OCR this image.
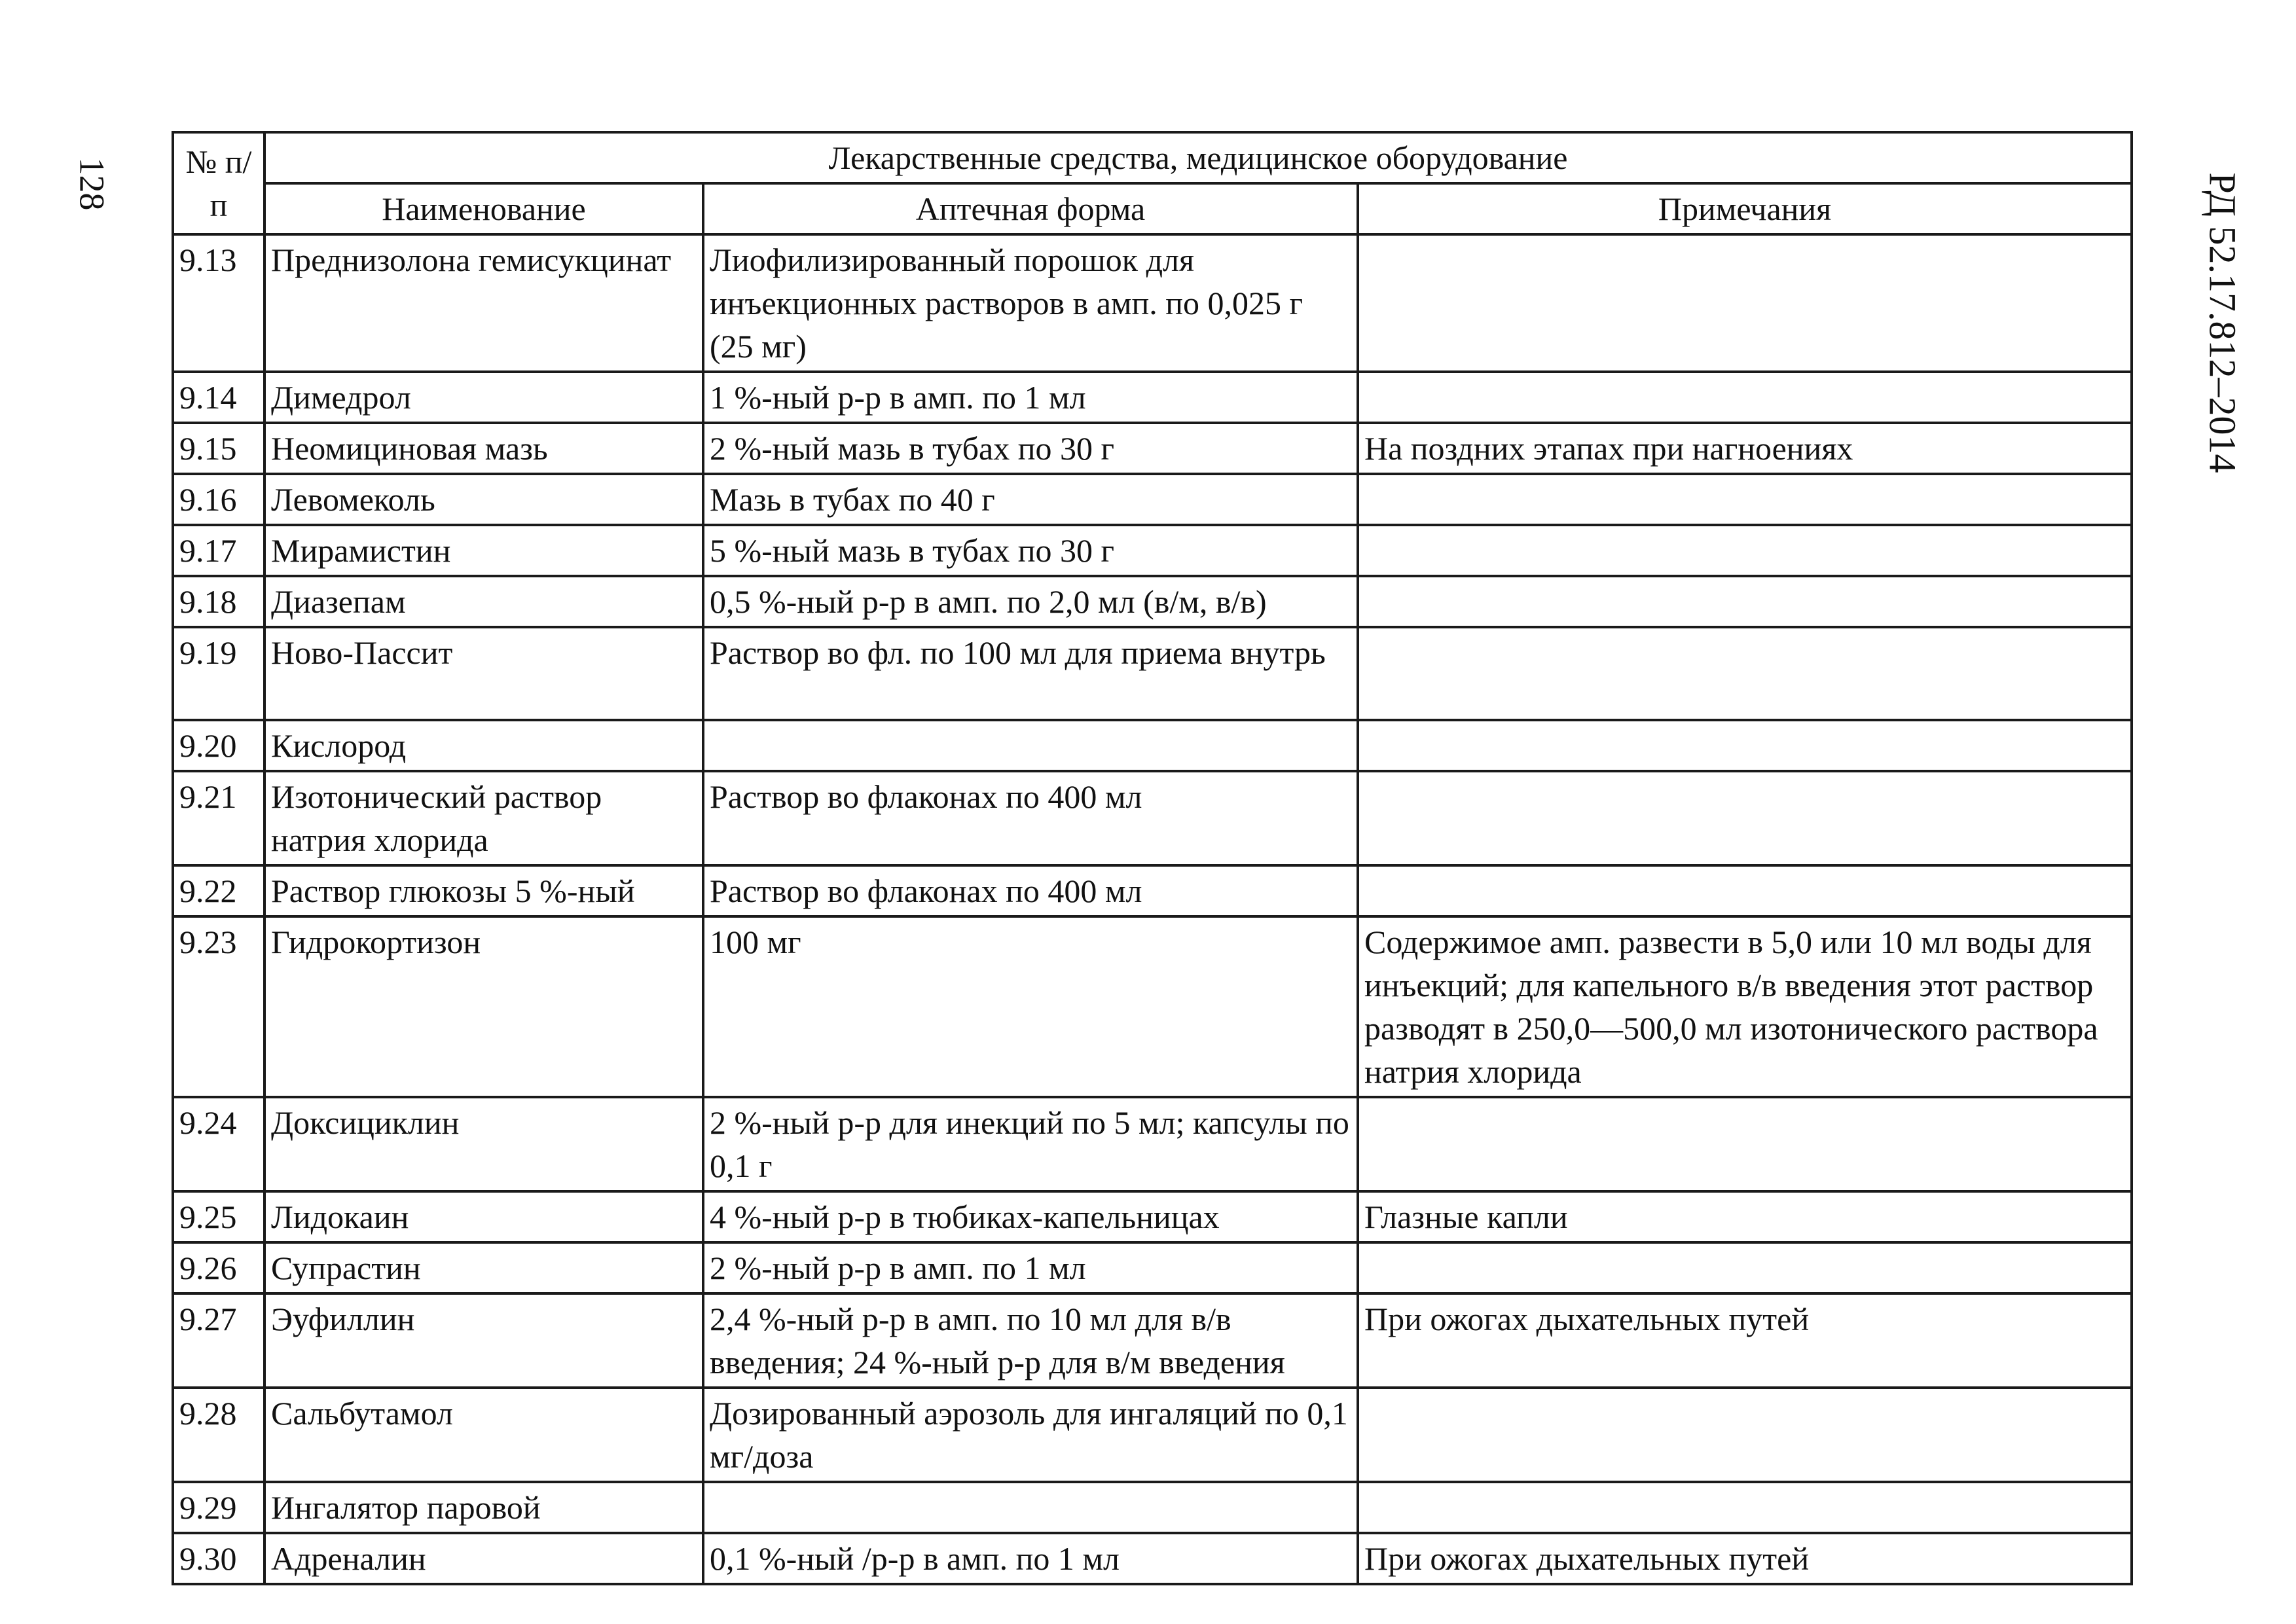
128	РД 52.17.812–2014
№ п/п	Лекарственные средства, медицинское оборудование		
	Наименование	Аптечная форма	Примечания
9.13	Преднизолона гемисукцинат	Лиофилизированный порошок для инъекционных растворов в амп. по 0,025 г (25 мг)	
9.14	Димедрол	1 %-ный р-р в амп. по 1 мл	
9.15	Неомициновая мазь	2 %-ный мазь в тубах по 30 г	На поздних этапах при нагноениях
9.16	Левомеколь	Мазь в тубах по 40 г	
9.17	Мирамистин	5 %-ный мазь в тубах по 30 г	
9.18	Диазепам	0,5 %-ный р-р в амп. по 2,0 мл (в/м, в/в)	
9.19	Ново-Пассит	Раствор во фл. по 100 мл для приема внутрь	
9.20	Кислород		
9.21	Изотонический раствор натрия хлорида	Раствор во флаконах по 400 мл	
9.22	Раствор глюкозы 5 %-ный	Раствор во флаконах по 400 мл	
9.23	Гидрокортизон	100 мг	Содержимое амп. развести в 5,0 или 10 мл воды для инъекций; для капельного в/в введения этот раствор разводят в 250,0—500,0 мл изотонического раствора натрия хлорида
9.24	Доксициклин	2 %-ный р-р для инекций по 5 мл; капсулы по 0,1 г	
9.25	Лидокаин	4 %-ный р-р в тюбиках-капельницах	Глазные капли
9.26	Супрастин	2 %-ный р-р в амп. по 1 мл	
9.27	Эуфиллин	2,4 %-ный р-р в амп. по 10 мл для в/в введения; 24 %-ный р-р для в/м введения	При ожогах дыхательных путей
9.28	Сальбутамол	Дозированный аэрозоль для ингаляций по 0,1 мг/доза	
9.29	Ингалятор паровой		
9.30	Адреналин	0,1 %-ный /р-р в амп. по 1 мл	При ожогах дыхательных путей
